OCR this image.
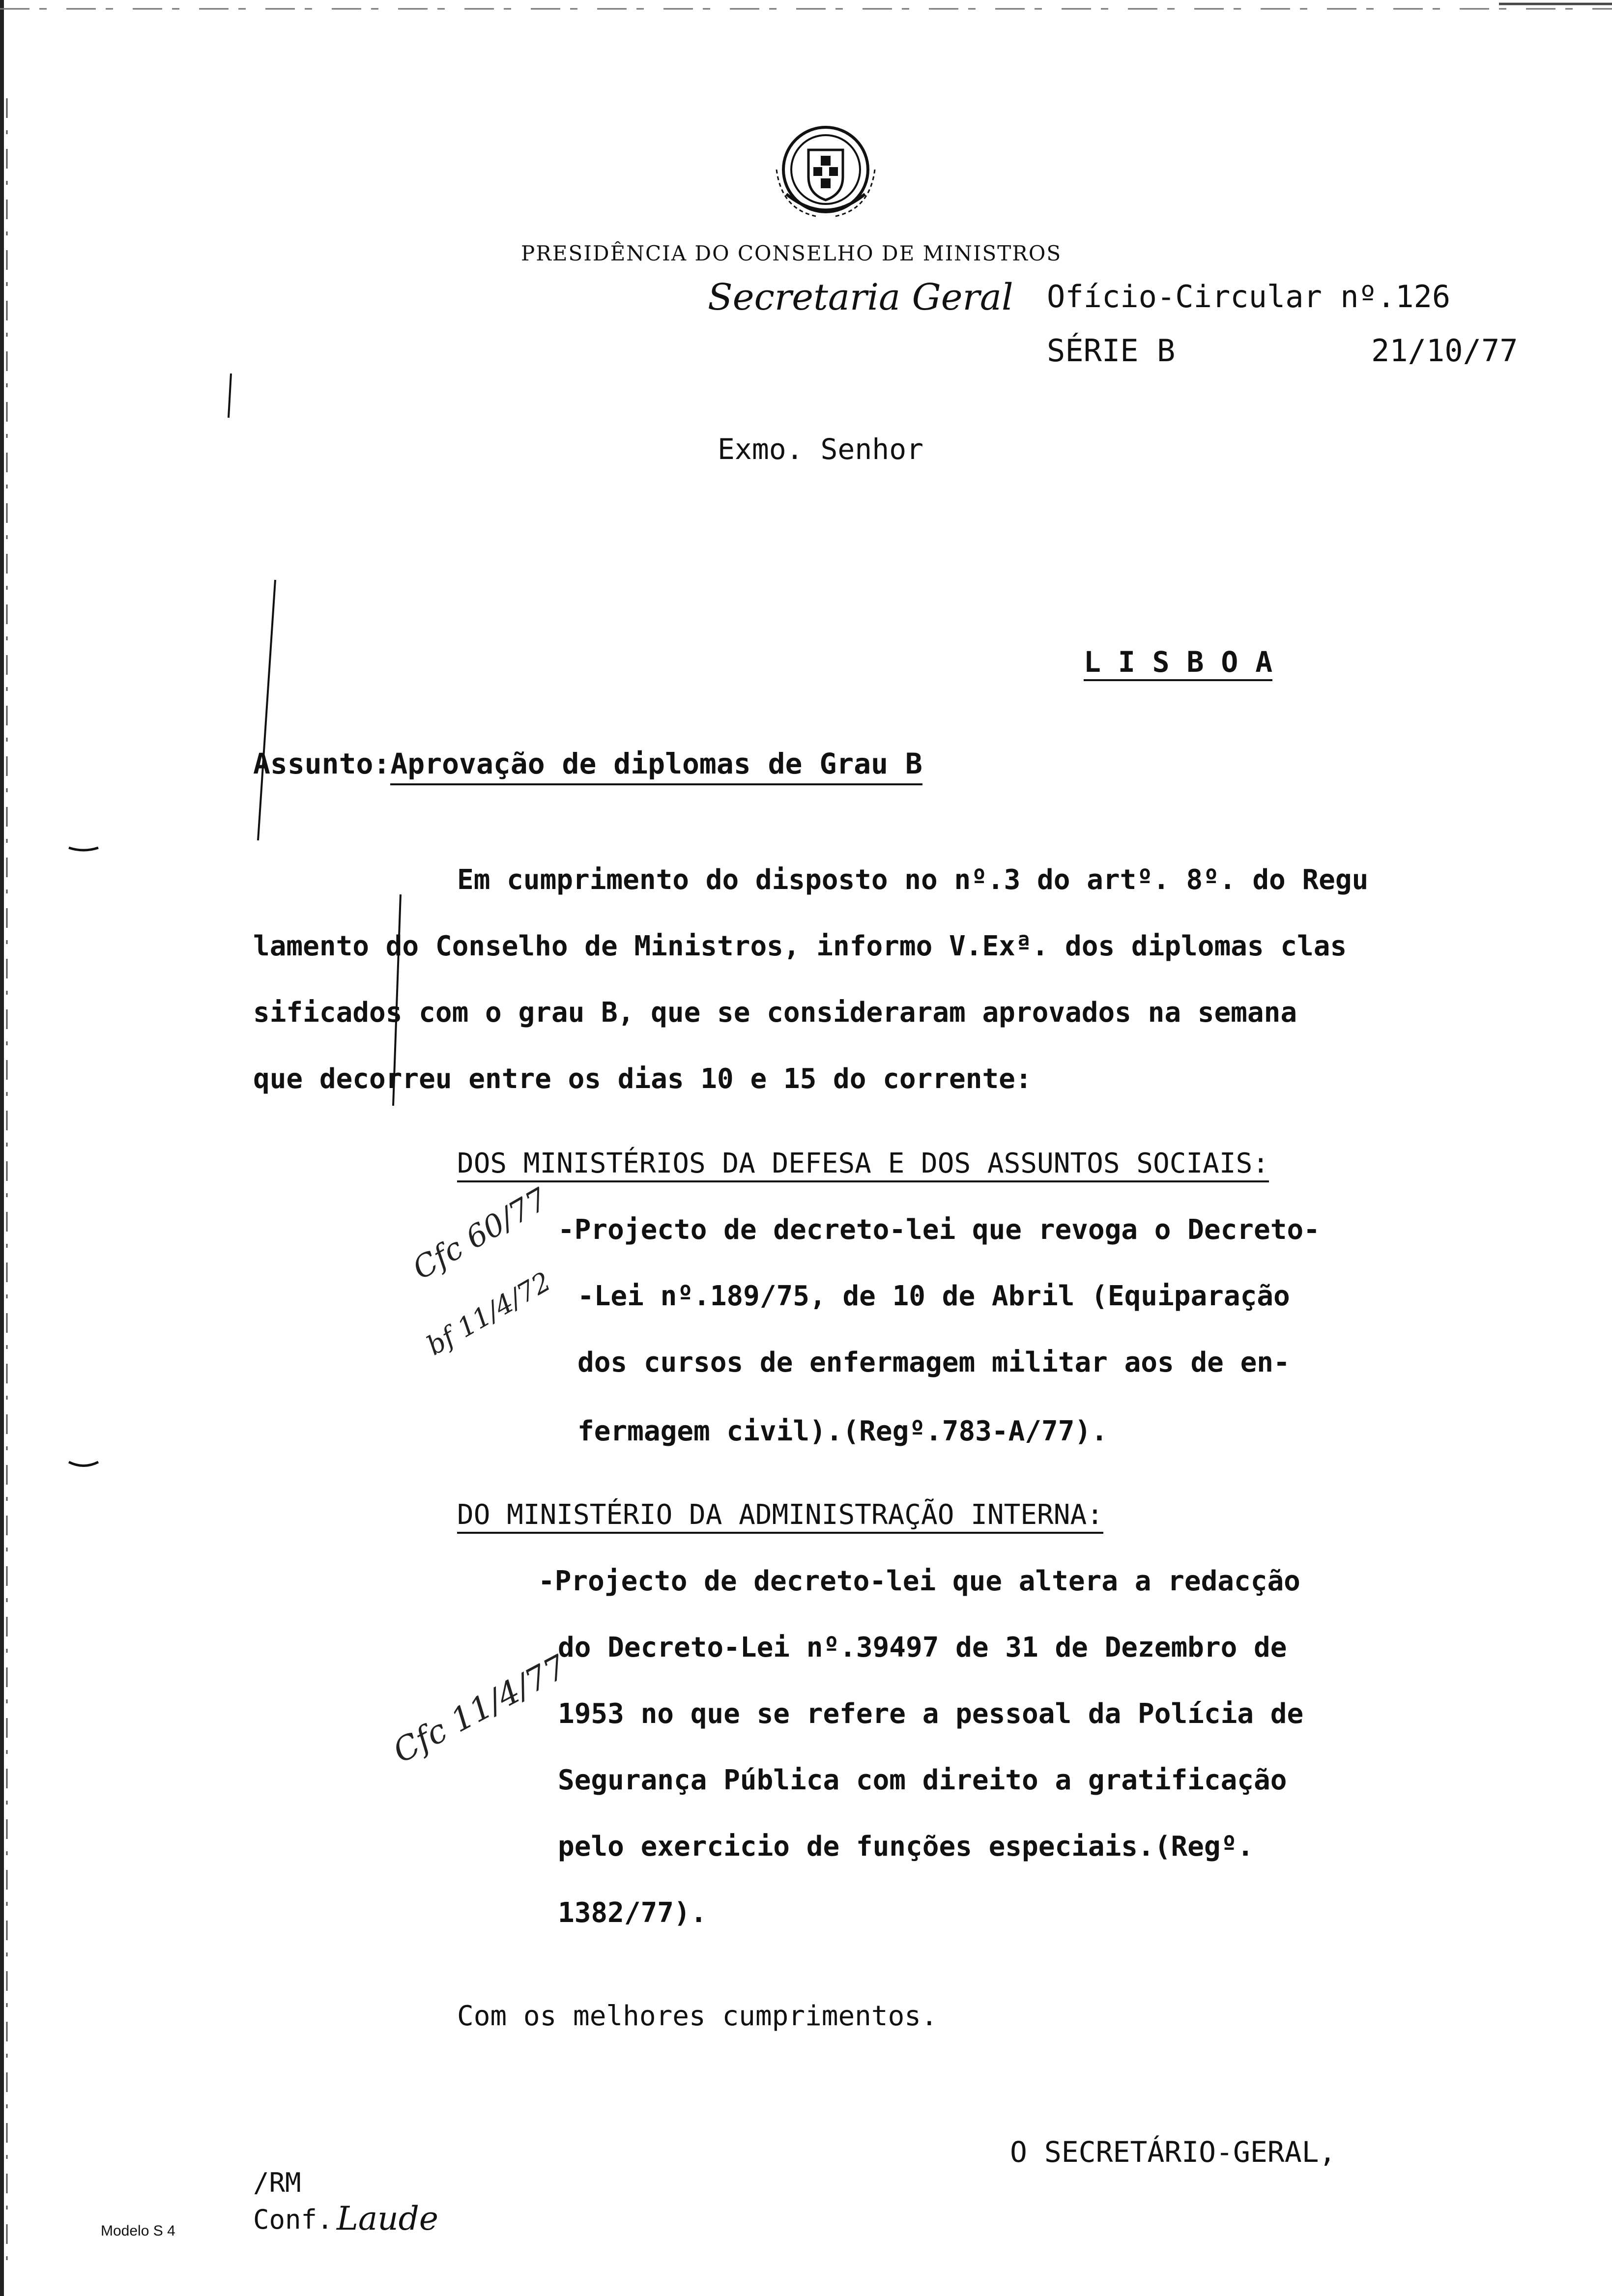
PRESIDÊNCIA DO CONSELHO DE MINISTROS
Secretaria Geral Ofício-Circular nº.126
SÉRIE B	21/10/77
Exmo. Senhor
L I S B O A
Assunto:Aprovação de diplomas de Grau B
Em cumprimento do disposto no nº.3 do artº. 8º. do Regu
lamento do Conselho de Ministros, informo V.Exª. dos diplomas clas
sificados com o grau B, que se consideraram aprovados na semana
que decorreu entre os dias 10 e 15 do corrente:
DOS MINISTÉRIOS DA DEFESA E DOS ASSUNTOS SOCIAIS:
-Projecto de decreto-lei que revoga o Decreto-
-Lei nº.189/75, de 10 de Abril (Equiparação
dos cursos de enfermagem militar aos de en-
fermagem civil).(Regº.783-A/77).
DO MINISTÉRIO DA ADMINISTRAÇÃO INTERNA:
-Projecto de decreto-lei que altera a redacção
do Decreto-Lei nº.39497 de 31 de Dezembro de
1953 no que se refere a pessoal da Polícia de
Segurança Pública com direito a gratificação
pelo exercicio de funções especiais.(Regº.
1382/77).
Com os melhores cumprimentos.
O SECRETÁRIO-GERAL,
/RM
Conf. Laude
Modelo S 4
Cfc 60/77
bf 11/4/72
Cfc 11/4/77
